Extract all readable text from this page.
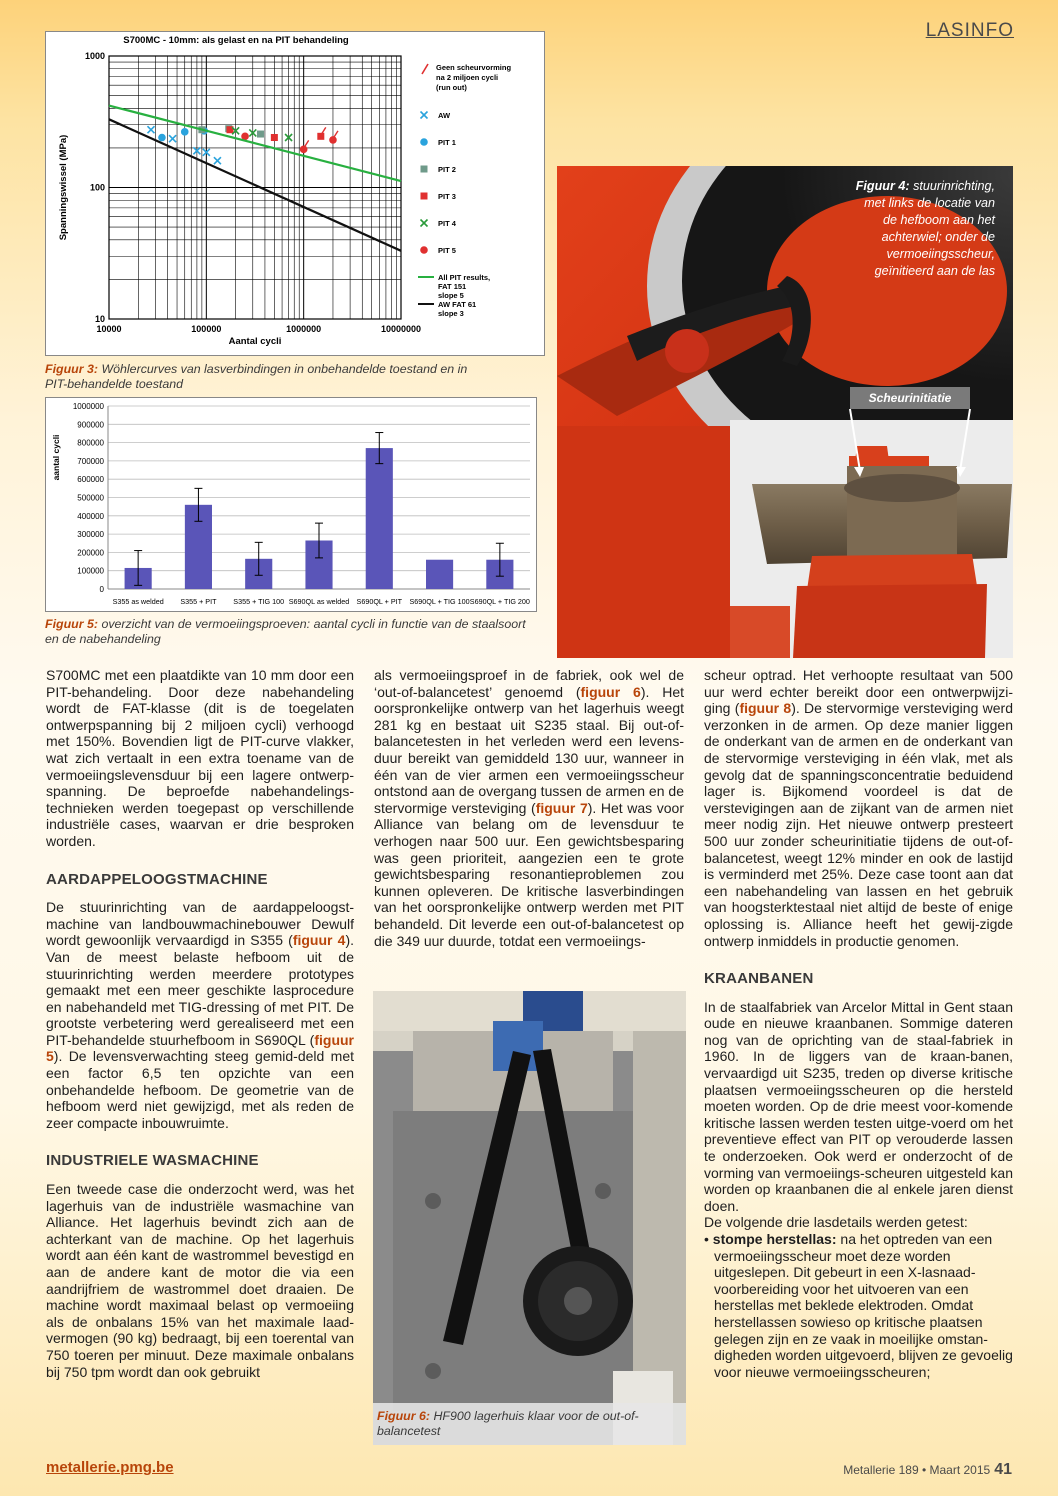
LASINFO
S700MC - 10mm: als gelast en na PIT behandeling
10000	100000	1000000	10000000
10
100
1000
Aantal cycli
Spanningswissel (MPa)
Geen scheurvorming
na 2 miljoen cycli
(run out)
AW
PIT 1
PIT 2
PIT 3
PIT 4
PIT 5
All PIT results,
FAT 151
slope 5
AW FAT 61
slope 3
Figuur 3: Wöhlercurves van lasverbindingen in onbehandelde toestand en in PIT-behandelde toestand
0
100000
200000
300000
400000
500000
600000
700000
800000
900000
1000000
aantal cycli
S355 as welded S355 + PIT S355 + TIG 100 S690QL as welded S690QL + PIT S690QL + TIG 100 S690QL + TIG 200
Figuur 5: overzicht van de vermoeiingsproeven: aantal cycli in functie van de staalsoort en de nabehandeling
Figuur 4: stuurinrichting,
met links de locatie van
de hefboom aan het
achterwiel; onder de
vermoeiingsscheur,
geïnitieerd aan de las
Scheurinitiatie
Figuur 6: HF900 lagerhuis klaar voor de out-of-balancetest

S700MC met een plaatdikte van 10 mm door een PIT-behandeling. Door deze nabehandeling wordt de FAT-klasse (dit is de toegelaten ontwerpspanning bij 2 miljoen cycli) verhoogd met 150%. Bovendien ligt de PIT-curve vlakker, wat zich vertaalt in een extra toename van de vermoeiingslevensduur bij een lagere ontwerp-spanning. De beproefde nabehandelings-technieken werden toegepast op verschillende industriële cases, waarvan er drie besproken worden.

AARDAPPELOOGSTMACHINE

De stuurinrichting van de aardappeloogst-machine van landbouwmachinebouwer Dewulf wordt gewoonlijk vervaardigd in S355 (figuur 4). Van de meest belaste hefboom uit de stuurinrichting werden meerdere prototypes gemaakt met een meer geschikte lasprocedure en nabehandeld met TIG-dressing of met PIT. De grootste verbetering werd gerealiseerd met een PIT-behandelde stuurhefboom in S690QL (figuur 5). De levensverwachting steeg gemid-deld met een factor 6,5 ten opzichte van een onbehandelde hefboom. De geometrie van de hefboom werd niet gewijzigd, met als reden de zeer compacte inbouwruimte.

INDUSTRIELE WASMACHINE

Een tweede case die onderzocht werd, was het lagerhuis van de industriële wasmachine van Alliance. Het lagerhuis bevindt zich aan de achterkant van de machine. Op het lagerhuis wordt aan één kant de wastrommel bevestigd en aan de andere kant de motor die via een aandrijfriem de wastrommel doet draaien. De machine wordt maximaal belast op vermoeiing als de onbalans 15% van het maximale laad-vermogen (90 kg) bedraagt, bij een toerental van 750 toeren per minuut. Deze maximale onbalans bij 750 tpm wordt dan ook gebruikt

als vermoeiingsproef in de fabriek, ook wel de ‘out-of-balancetest’ genoemd (figuur 6). Het oorspronkelijke ontwerp van het lagerhuis weegt 281 kg en bestaat uit S235 staal. Bij out-of-balancetesten in het verleden werd een levens-duur bereikt van gemiddeld 130 uur, wanneer in één van de vier armen een vermoeiingsscheur ontstond aan de overgang tussen de armen en de stervormige versteviging (figuur 7). Het was voor Alliance van belang om de levensduur te verhogen naar 500 uur. Een gewichtsbesparing was geen prioriteit, aangezien een te grote gewichtsbesparing resonantieproblemen zou kunnen opleveren. De kritische lasverbindingen van het oorspronkelijke ontwerp werden met PIT behandeld. Dit leverde een out-of-balancetest op die 349 uur duurde, totdat een vermoeiings-

scheur optrad. Het verhoopte resultaat van 500 uur werd echter bereikt door een ontwerpwijzi-ging (figuur 8). De stervormige versteviging werd verzonken in de armen. Op deze manier liggen de onderkant van de armen en de onderkant van de stervormige versteviging in één vlak, met als gevolg dat de spanningsconcentratie beduidend lager is. Bijkomend voordeel is dat de verstevigingen aan de zijkant van de armen niet meer nodig zijn. Het nieuwe ontwerp presteert 500 uur zonder scheurinitiatie tijdens de out-of-balancetest, weegt 12% minder en ook de lastijd is verminderd met 25%. Deze case toont aan dat een nabehandeling van lassen en het gebruik van hoogsterktestaal niet altijd de beste of enige oplossing is. Alliance heeft het gewij-zigde ontwerp inmiddels in productie genomen.

KRAANBANEN

In de staalfabriek van Arcelor Mittal in Gent staan oude en nieuwe kraanbanen. Sommige dateren nog van de oprichting van de staal-fabriek in 1960. In de liggers van de kraan-banen, vervaardigd uit S235, treden op diverse kritische plaatsen vermoeiingsscheuren op die hersteld moeten worden. Op de drie meest voor-komende kritische lassen werden testen uitge-voerd om het preventieve effect van PIT op verouderde lassen te onderzoeken. Ook werd er onderzocht of de vorming van vermoeiings-scheuren uitgesteld kan worden op kraanbanen die al enkele jaren dienst doen.

De volgende drie lasdetails werden getest:

• stompe herstellas: na het optreden van een vermoeiingsscheur moet deze worden uitgeslepen. Dit gebeurt in een X-lasnaad-voorbereiding voor het uitvoeren van een herstellas met beklede elektroden. Omdat herstellassen sowieso op kritische plaatsen gelegen zijn en ze vaak in moeilijke omstan-digheden worden uitgevoerd, blijven ze gevoelig voor nieuwe vermoeiingsscheuren;
metallerie.pmg.be	Metallerie 189 • Maart 2015 41
